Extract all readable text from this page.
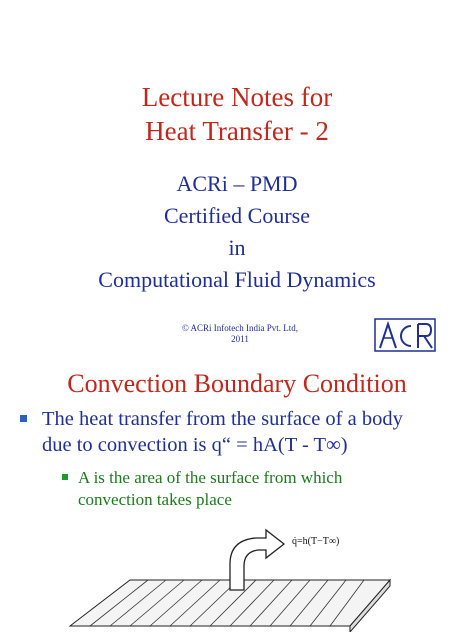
Lecture Notes for
Heat Transfer - 2
ACRi – PMD
Certified Course
in
Computational Fluid Dynamics
© ACRi Infotech India Pvt. Ltd,
2011
Convection Boundary Condition
The heat transfer from the surface of a body
due to convection is q“ = hA(T - T∞)
A is the area of the surface from which
convection takes place
q̇=h(T−T∞)
